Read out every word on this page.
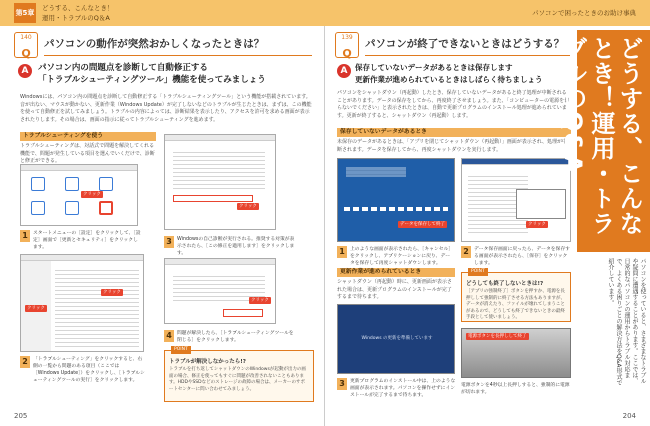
第5章
どうする、こんなとき！
運用・トラブルのQ＆A
140
Q
パソコンの動作が突然おかしくなったときは？
A	パソコン内の問題点を診断して自動修正する
「トラブルシューティングツール」機能を使ってみましょう
Windowsには、パソコン内の問題点を診断して自動修正する「トラブルシューティングツール」という機能が搭載されています。音が出ない、マウスが動かない、更新作業（Windows Update）が完了しないなどのトラブルが生じたときは、まずは、この機能を使って自動修正を試してみましょう。トラブルの内容によっては、診断結果を表示したり、アクセスを許可を求める画面が表示されたりします。その場合は、画面の指示に従ってトラブルシューティングを進めます。
トラブルシューティングを使う
トラブルシューティングは、対話式で問題を解決してくれる機能で、問題が発生している項目を選んでいくだけで、診断と修正ができる。
クリック
1	スタートメニューの［設定］をクリックして、［設定］画面で［更新とセキュリティ］をクリックします。
クリック
クリック
2	「トラブルシューティング」をクリックすると、右側の一覧から問題のある項目（ここでは［Windows Update］）をクリックし、［トラブルシューティングツールの実行］をクリックします。
クリック
3	Windowsの自己診断が実行される。推奨する対策が表示されたら、［この修正を適用します］をクリックします。
クリック
4	問題が解決したら、［トラブルシューティングツールを閉じる］をクリックします。
POINT
トラブルが解決しなかったら!?
トラブルを打ち返してシャットダウンのWindowsが起動が出力の画面の場合、修正を使ってもすぐに問題が改善されないこともあります。HDDやSSDなどのストレージの故障の場合は、メーカーのサポートセンターに問い合わせてみましょう。
205
パソコンで困ったときのお助け事典
139
Q
パソコンが終了できないときはどうする？
A	保存していないデータがあるときは保存します
更新作業が進められているときはしばらく待ちましょう
パソコンをシャットダウン（再起動）したとき、保存していないデータがあると終了処理が中断されることがあります。データの保存をしてから、再度終了させましょう。また、「コンピューターの電源を切らないでください」と表示されたときは、自動で更新プログラムのインストール処理が進められています。更新が終了すると、シャットダウン（再起動）します。
保存していないデータがあるとき
未保存のデータがあるときは、「アプリを閉じてシャットダウン（再起動）」画面が表示され、処理が中断されます。データを保存してから、再度シャットダウンを実行します。
データを保存して終了
1	上のような画面が表示されたら、［キャンセル］をクリックし、アプリケーションに戻り、データを保存して再度シャットダウンします。
クリック
2	データ保存画面に戻ったら、データを保存する画面が表示されたら、［保存］をクリックします。
更新作業が進められているとき
シャットダウン（再起動）時に、更新画面が表示された場合は、更新プログラムのインストールが完了するまで待ちます。
Windows の更新を準備しています
3	更新プログラムのインストール中は、上のような画面が表示されます。パソコンを操作せずにインストールが完了するまで待ちます。
POINT
どうしても終了しないときは!?
［アプリの強制終了］ボタンを押すか、電源を長押しして強制的に終了させる方法もありますが、データが消えたり、ファイルが壊れてしまうことがあるので、どうしても終了できないときの最終手段として使いましょう。
電源ボタンを長押しして終了
電源ボタンを4秒以上長押しすると、強制的に電源が切れます。
どうする、こんなとき！運用・トラブルのQ&A
パソコンを使っていると、さまざまなトラブルや疑問に遭遇することがあります。ここでは、日常的なパソコンの運用からトラブル対応まで、よくある困りごとの解決方法をQ&A形式で紹介しています。
204
